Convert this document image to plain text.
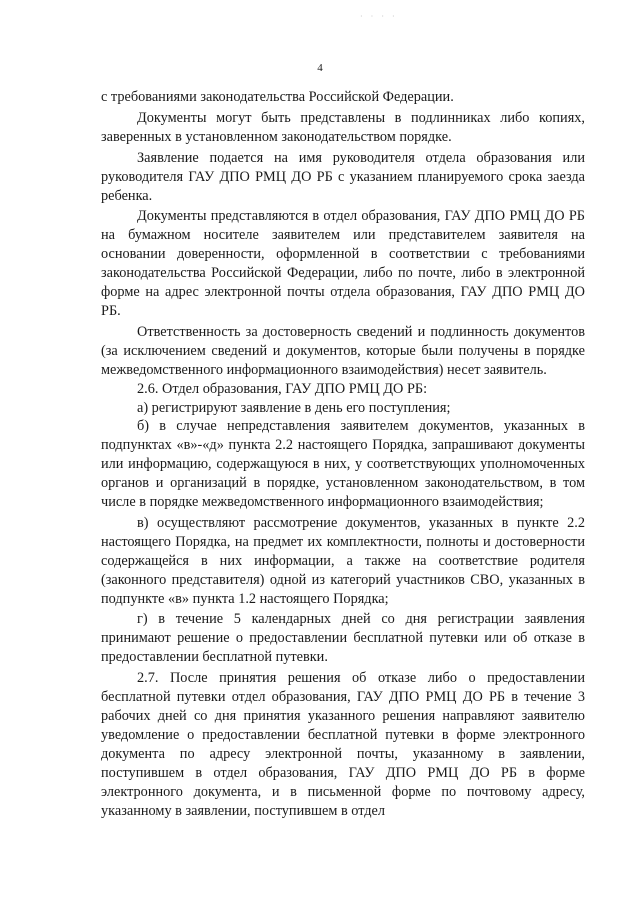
· · · ·
4

с требованиями законодательства Российской Федерации.

Документы могут быть представлены в подлинниках либо копиях, заверенных в установленном законодательством порядке.

Заявление подается на имя руководителя отдела образования или руководителя ГАУ ДПО РМЦ ДО РБ с указанием планируемого срока заезда ребенка.

Документы представляются в отдел образования, ГАУ ДПО РМЦ ДО РБ на бумажном носителе заявителем или представителем заявителя на основании доверенности, оформленной в соответствии с требованиями законодательства Российской Федерации, либо по почте, либо в электронной форме на адрес электронной почты отдела образования, ГАУ ДПО РМЦ ДО РБ.

Ответственность за достоверность сведений и подлинность документов (за исключением сведений и документов, которые были получены в порядке межведомственного информационного взаимодействия) несет заявитель.

2.6. Отдел образования, ГАУ ДПО РМЦ ДО РБ:

а) регистрируют заявление в день его поступления;

б) в случае непредставления заявителем документов, указанных в подпунктах «в»-«д» пункта 2.2 настоящего Порядка, запрашивают документы или информацию, содержащуюся в них, у соответствующих уполномоченных органов и организаций в порядке, установленном законодательством, в том числе в порядке межведомственного информационного взаимодействия;

в) осуществляют рассмотрение документов, указанных в пункте 2.2 настоящего Порядка, на предмет их комплектности, полноты и достоверности содержащейся в них информации, а также на соответствие родителя (законного представителя) одной из категорий участников СВО, указанных в подпункте «в» пункта 1.2 настоящего Порядка;

г) в течение 5 календарных дней со дня регистрации заявления принимают решение о предоставлении бесплатной путевки или об отказе в предоставлении бесплатной путевки.

2.7. После принятия решения об отказе либо о предоставлении бесплатной путевки отдел образования, ГАУ ДПО РМЦ ДО РБ в течение 3 рабочих дней со дня принятия указанного решения направляют заявителю уведомление о предоставлении бесплатной путевки в форме электронного документа по адресу электронной почты, указанному в заявлении, поступившем в отдел образования, ГАУ ДПО РМЦ ДО РБ в форме электронного документа, и в письменной форме по почтовому адресу, указанному в заявлении, поступившем в отдел
